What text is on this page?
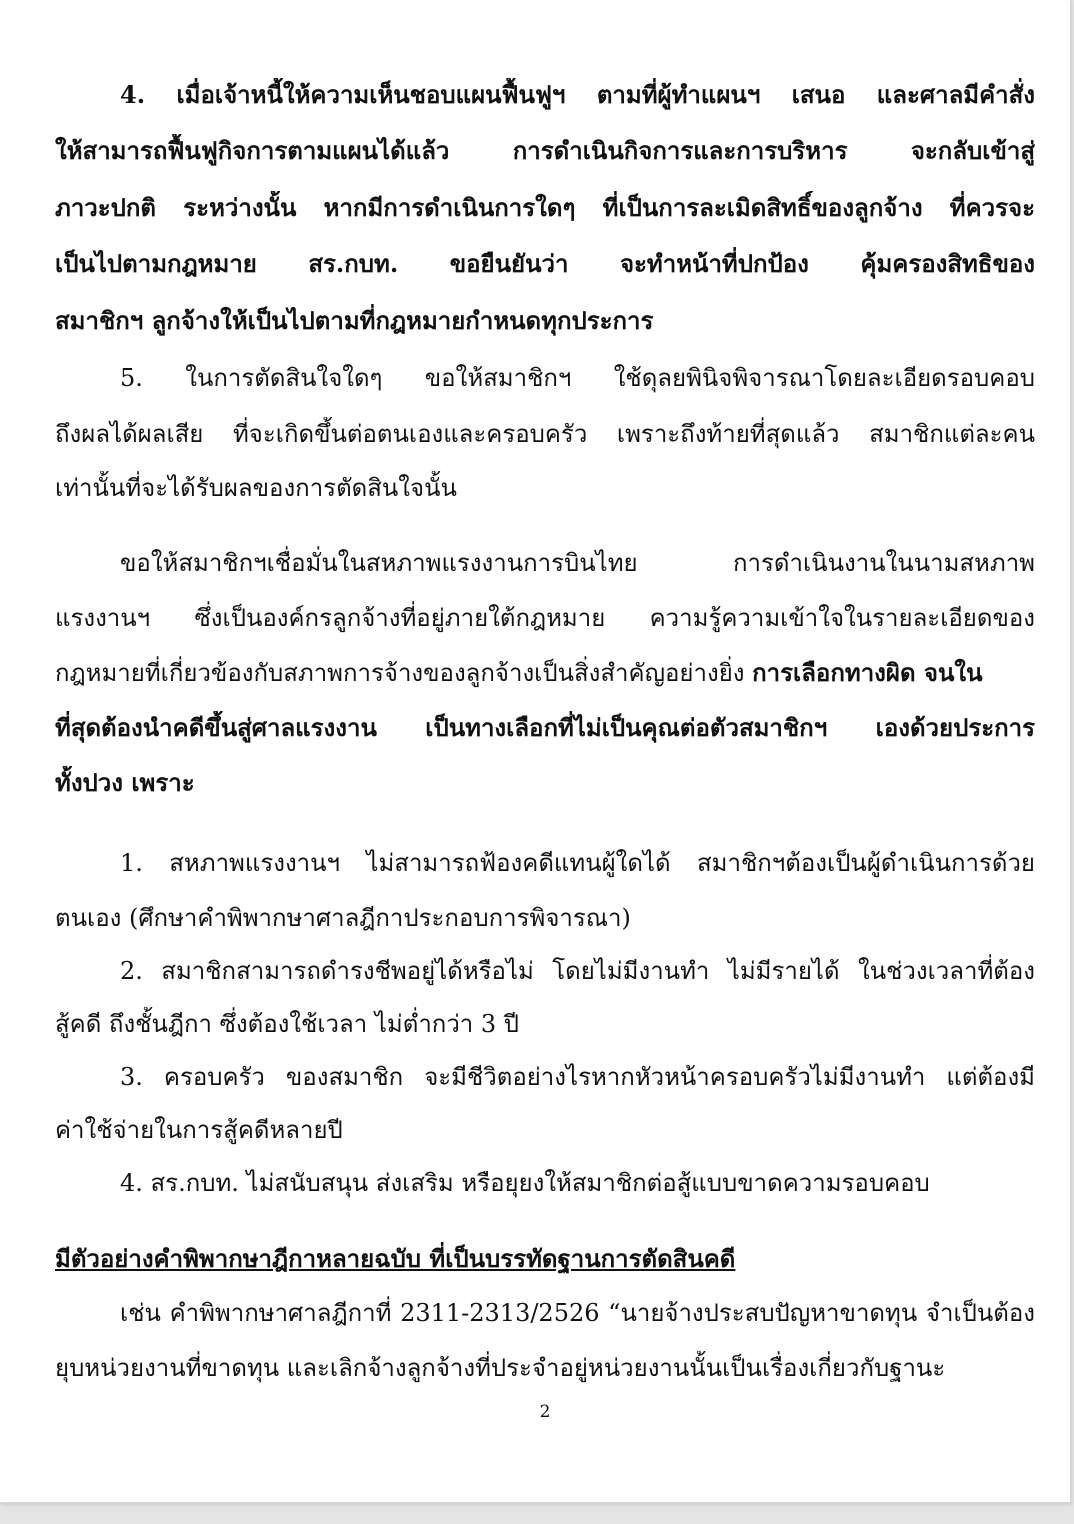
4. เมื่อเจ้าหนี้ให้ความเห็นชอบแผนฟื้นฟูฯ ตามที่ผู้ทำแผนฯ เสนอ และศาลมีคำสั่ง
ให้สามารถฟื้นฟูกิจการตามแผนได้แล้ว การดำเนินกิจการและการบริหาร จะกลับเข้าสู่
ภาวะปกติ ระหว่างนั้น หากมีการดำเนินการใดๆ ที่เป็นการละเมิดสิทธิ์ของลูกจ้าง ที่ควรจะ
เป็นไปตามกฎหมาย สร.กบท. ขอยืนยันว่า จะทำหน้าที่ปกป้อง คุ้มครองสิทธิของ
สมาชิกฯ ลูกจ้างให้เป็นไปตามที่กฎหมายกำหนดทุกประการ
5. ในการตัดสินใจใดๆ ขอให้สมาชิกฯ ใช้ดุลยพินิจพิจารณาโดยละเอียดรอบคอบ
ถึงผลได้ผลเสีย ที่จะเกิดขึ้นต่อตนเองและครอบครัว เพราะถึงท้ายที่สุดแล้ว สมาชิกแต่ละคน
เท่านั้นที่จะได้รับผลของการตัดสินใจนั้น
ขอให้สมาชิกฯเชื่อมั่นในสหภาพแรงงานการบินไทย การดำเนินงานในนามสหภาพ
แรงงานฯ ซึ่งเป็นองค์กรลูกจ้างที่อยู่ภายใต้กฎหมาย ความรู้ความเข้าใจในรายละเอียดของ
กฎหมายที่เกี่ยวข้องกับสภาพการจ้างของลูกจ้างเป็นสิ่งสำคัญอย่างยิ่ง การเลือกทางผิด จนใน
ที่สุดต้องนำคดีขึ้นสู่ศาลแรงงาน เป็นทางเลือกที่ไม่เป็นคุณต่อตัวสมาชิกฯ เองด้วยประการ
ทั้งปวง เพราะ
1. สหภาพแรงงานฯ ไม่สามารถฟ้องคดีแทนผู้ใดได้ สมาชิกฯต้องเป็นผู้ดำเนินการด้วย
ตนเอง (ศึกษาคำพิพากษาศาลฎีกาประกอบการพิจารณา)
2. สมาชิกสามารถดำรงชีพอยู่ได้หรือไม่ โดยไม่มีงานทำ ไม่มีรายได้ ในช่วงเวลาที่ต้อง
สู้คดี ถึงชั้นฎีกา ซึ่งต้องใช้เวลา ไม่ต่ำกว่า 3 ปี
3. ครอบครัว ของสมาชิก จะมีชีวิตอย่างไรหากหัวหน้าครอบครัวไม่มีงานทำ แต่ต้องมี
ค่าใช้จ่ายในการสู้คดีหลายปี
4. สร.กบท. ไม่สนับสนุน ส่งเสริม หรือยุยงให้สมาชิกต่อสู้แบบขาดความรอบคอบ
มีตัวอย่างคำพิพากษาฎีกาหลายฉบับ ที่เป็นบรรทัดฐานการตัดสินคดี
เช่น คำพิพากษาศาลฎีกาที่ 2311-2313/2526 “นายจ้างประสบปัญหาขาดทุน จำเป็นต้อง
ยุบหน่วยงานที่ขาดทุน และเลิกจ้างลูกจ้างที่ประจำอยู่หน่วยงานนั้นเป็นเรื่องเกี่ยวกับฐานะ
2
